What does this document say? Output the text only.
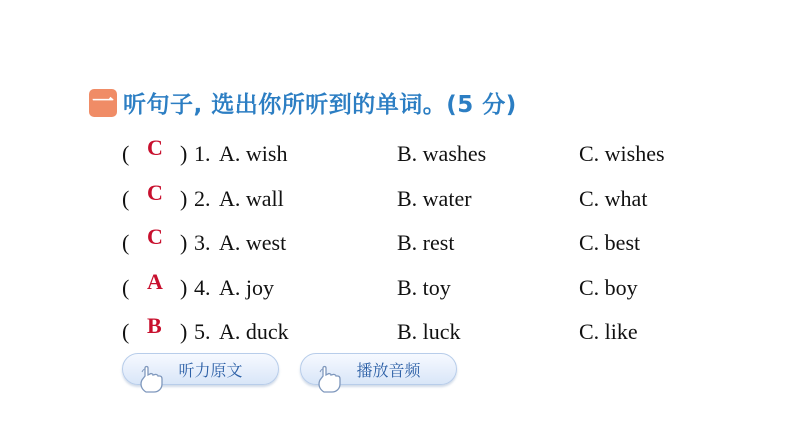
一 听句子, 选出你所听到的单词。(5 分)
( C ) 1. A. wish	B. washes	C. wishes
( C ) 2. A. wall	B. water	C. what
( C ) 3. A. west	B. rest	C. best
( A ) 4. A. joy	B. toy	C. boy
( B ) 5. A. duck	B. luck	C. like
听力原文	播放音频
